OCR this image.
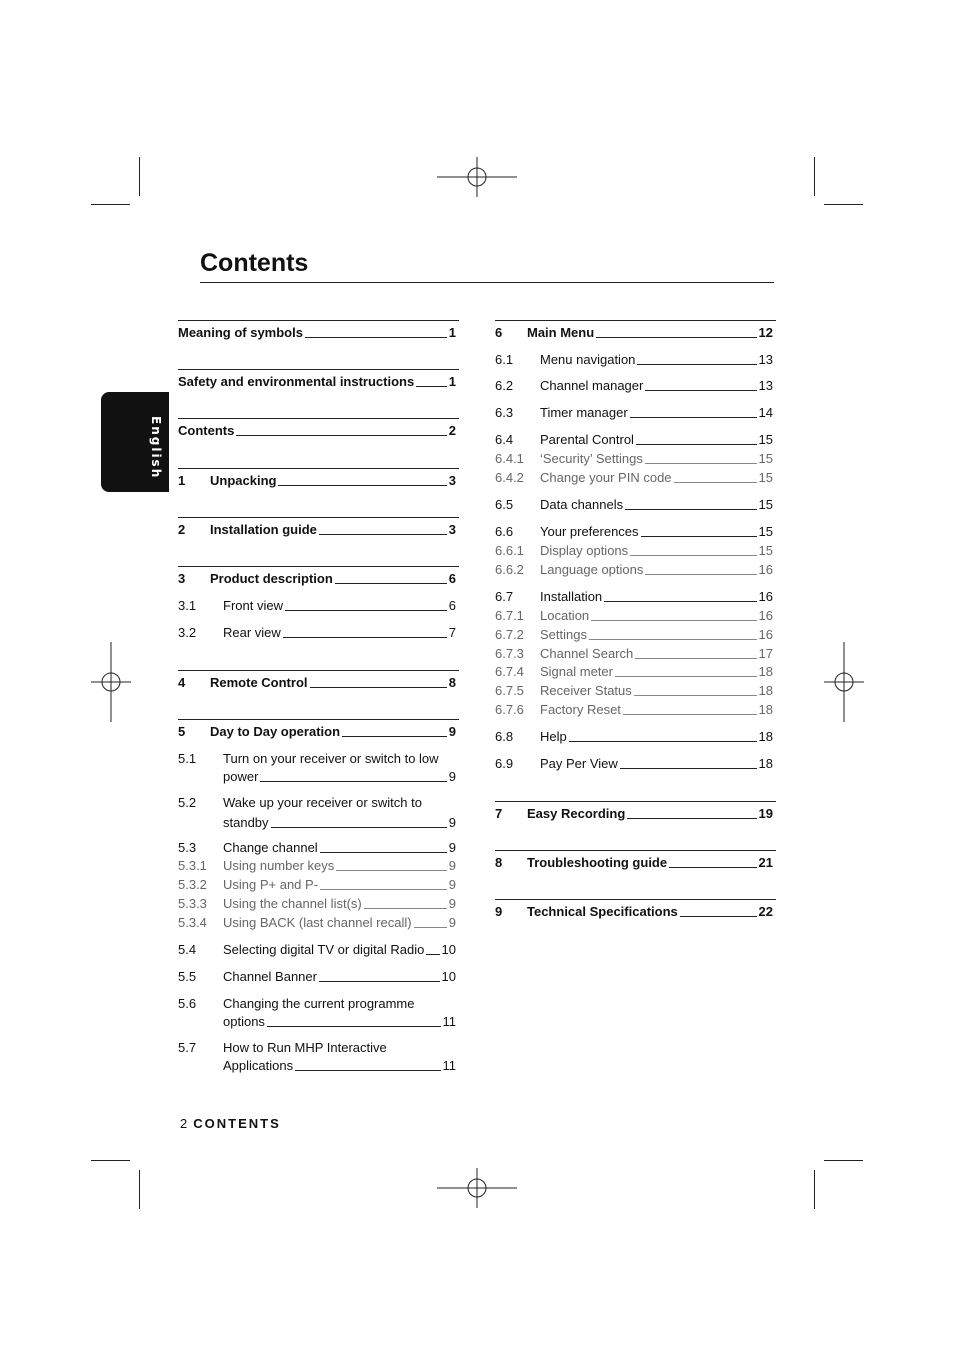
English
Contents
Meaning of symbols	1
Safety and environmental instructions	1
Contents	2
1	Unpacking	3
2	Installation guide	3
3	Product description	6
3.1	Front view	6
3.2	Rear view	7
4	Remote Control	8
5	Day to Day operation	9
5.1	Turn on your receiver or switch to low
power	9
5.2	Wake up your receiver or switch to
standby	9
5.3	Change channel	9
5.3.1	Using number keys	9
5.3.2	Using P+ and P-	9
5.3.3	Using the channel list(s)	9
5.3.4	Using BACK (last channel recall)	9
5.4	Selecting digital TV or digital Radio 10
5.5	Channel Banner	10
5.6	Changing the current programme
options	11
5.7	How to Run MHP Interactive
Applications	11
6	Main Menu	12
6.1	Menu navigation	13
6.2	Channel manager	13
6.3	Timer manager	14
6.4	Parental Control	15
6.4.1	‘Security’ Settings	15
6.4.2	Change your PIN code	15
6.5	Data channels	15
6.6	Your preferences	15
6.6.1	Display options	15
6.6.2	Language options	16
6.7	Installation	16
6.7.1	Location	16
6.7.2	Settings	16
6.7.3	Channel Search	17
6.7.4	Signal meter	18
6.7.5	Receiver Status	18
6.7.6	Factory Reset	18
6.8	Help	18
6.9	Pay Per View	18
7	Easy Recording	19
8	Troubleshooting guide	21
9	Technical Specifications	22
2 CONTENTS
